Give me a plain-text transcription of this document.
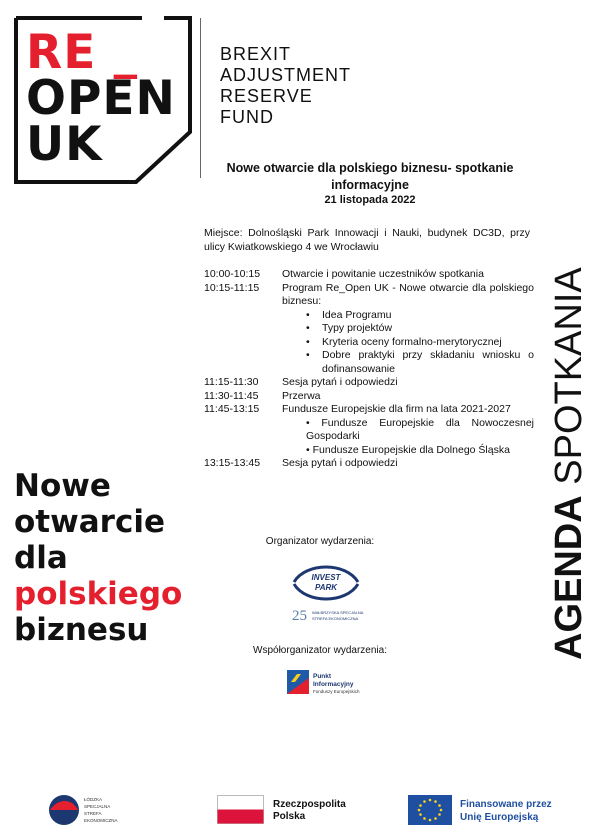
RE _
OPEN
UK
BREXIT
ADJUSTMENT
RESERVE
FUND
Nowe otwarcie dla polskiego biznesu- spotkanie informacyjne
21 listopada 2022
Miejsce: Dolnośląski Park Innowacji i Nauki, budynek DC3D, przy ulicy Kwiatkowskiego 4 we Wrocławiu
10:00-10:15	Otwarcie i powitanie uczestników spotkania
10:15-11:15	Program Re_Open UK - Nowe otwarcie dla polskiego biznesu:
• Idea Programu
• Typy projektów
• Kryteria oceny formalno-merytorycznej
• Dobre praktyki przy składaniu wniosku o dofinansowanie
11:15-11:30	Sesja pytań i odpowiedzi
11:30-11:45	Przerwa
11:45-13:15	Fundusze Europejskie dla firm na lata 2021-2027
• Fundusze Europejskie dla Nowoczesnej Gospodarki
• Fundusze Europejskie dla Dolnego Śląska
13:15-13:45	Sesja pytań i odpowiedzi
AGENDA SPOTKANIA
Nowe
otwarcie
dla
polskiego
biznesu
Organizator wydarzenia:
INVEST
PARK
25 WAŁBRZYSKA SPECJALNA
STREFA EKONOMICZNA
Współorganizator wydarzenia:
Punkt
Informacyjny
Funduszy Europejskich
ŁÓDZKA
SPECJALNA
STREFA
EKONOMICZNA
Rzeczpospolita
Polska
Finansowane przez
Unię Europejską
